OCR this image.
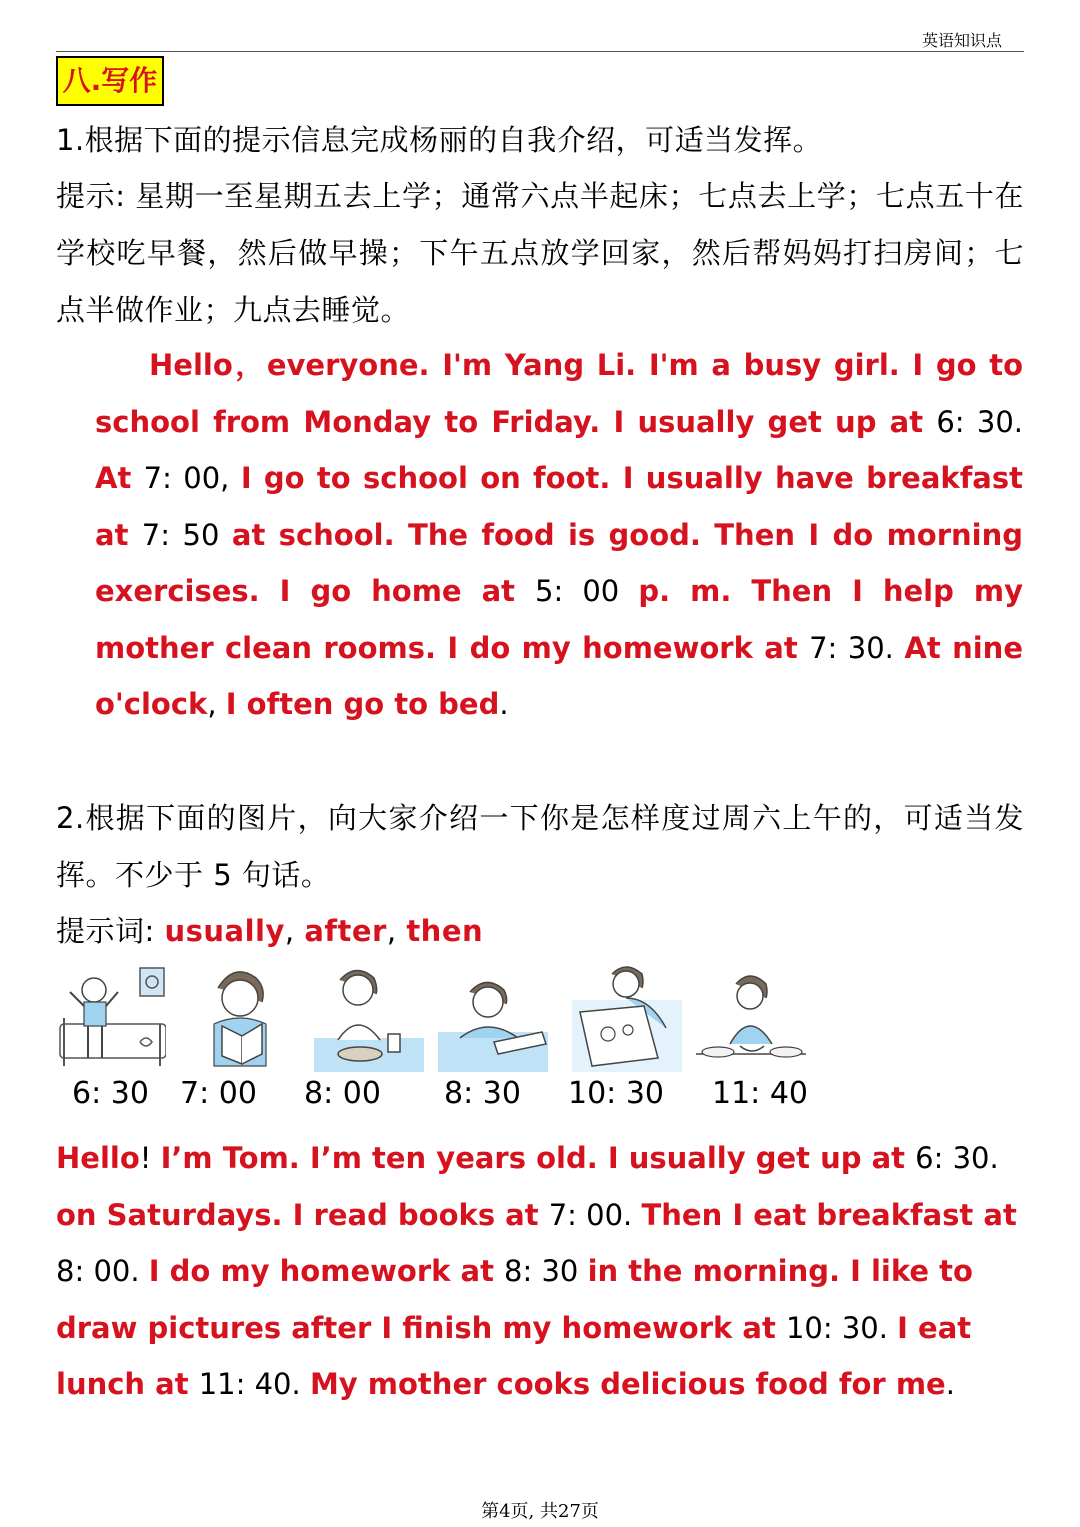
英语知识点
八.写作

1.根据下面的提示信息完成杨丽的自我介绍，可适当发挥。

提示: 星期一至星期五去上学；通常六点半起床；七点去上学；七点五十在学校吃早餐，然后做早操；下午五点放学回家，然后帮妈妈打扫房间；七点半做作业；九点去睡觉。

Hello，everyone. I'm Yang Li. I'm a busy girl. I go to school from Monday to Friday. I usually get up at 6: 30. At 7: 00, I go to school on foot. I usually have breakfast at 7: 50 at school. The food is good. Then I do morning exercises. I go home at 5: 00 p. m. Then I help my mother clean rooms. I do my homework at 7: 30. At nine o'clock, I often go to bed.

2.根据下面的图片，向大家介绍一下你是怎样度过周六上午的，可适当发挥。不少于 5 句话。

提示词: usually, after, then

6: 30 7: 00 8: 00 8: 30 10: 30 11: 40

Hello! I’m Tom. I’m ten years old. I usually get up at 6: 30. on Saturdays. I read books at 7: 00. Then I eat breakfast at 8: 00. I do my homework at 8: 30 in the morning. I like to draw pictures after I finish my homework at 10: 30. I eat lunch at 11: 40. My mother cooks delicious food for me.

第4页, 共27页
